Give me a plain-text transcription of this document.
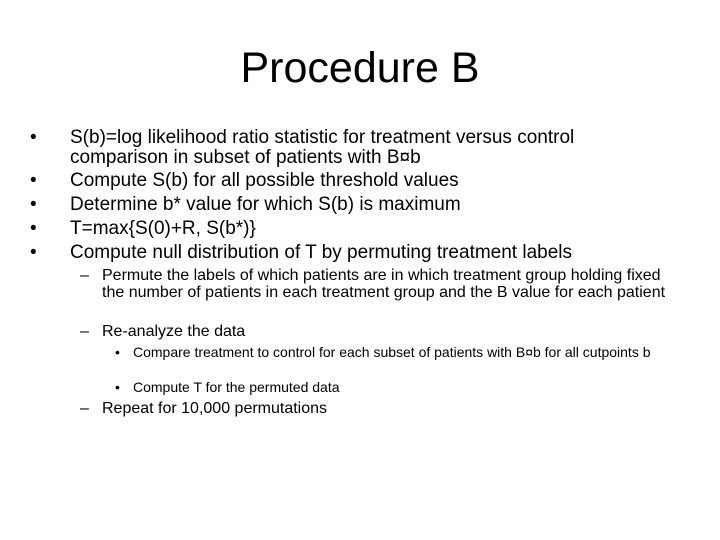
Procedure B
• S(b)=log likelihood ratio statistic for treatment versus control comparison in subset of patients with B¤b
• Compute S(b) for all possible threshold values
• Determine b* value for which S(b) is maximum
• T=max{S(0)+R, S(b*)}
• Compute null distribution of T by permuting treatment labels
– Permute the labels of which patients are in which treatment group holding fixed the number of patients in each treatment group and the B value for each patient
– Re-analyze the data
• Compare treatment to control for each subset of patients with B¤b for all cutpoints b
• Compute T for the permuted data
– Repeat for 10,000 permutations
